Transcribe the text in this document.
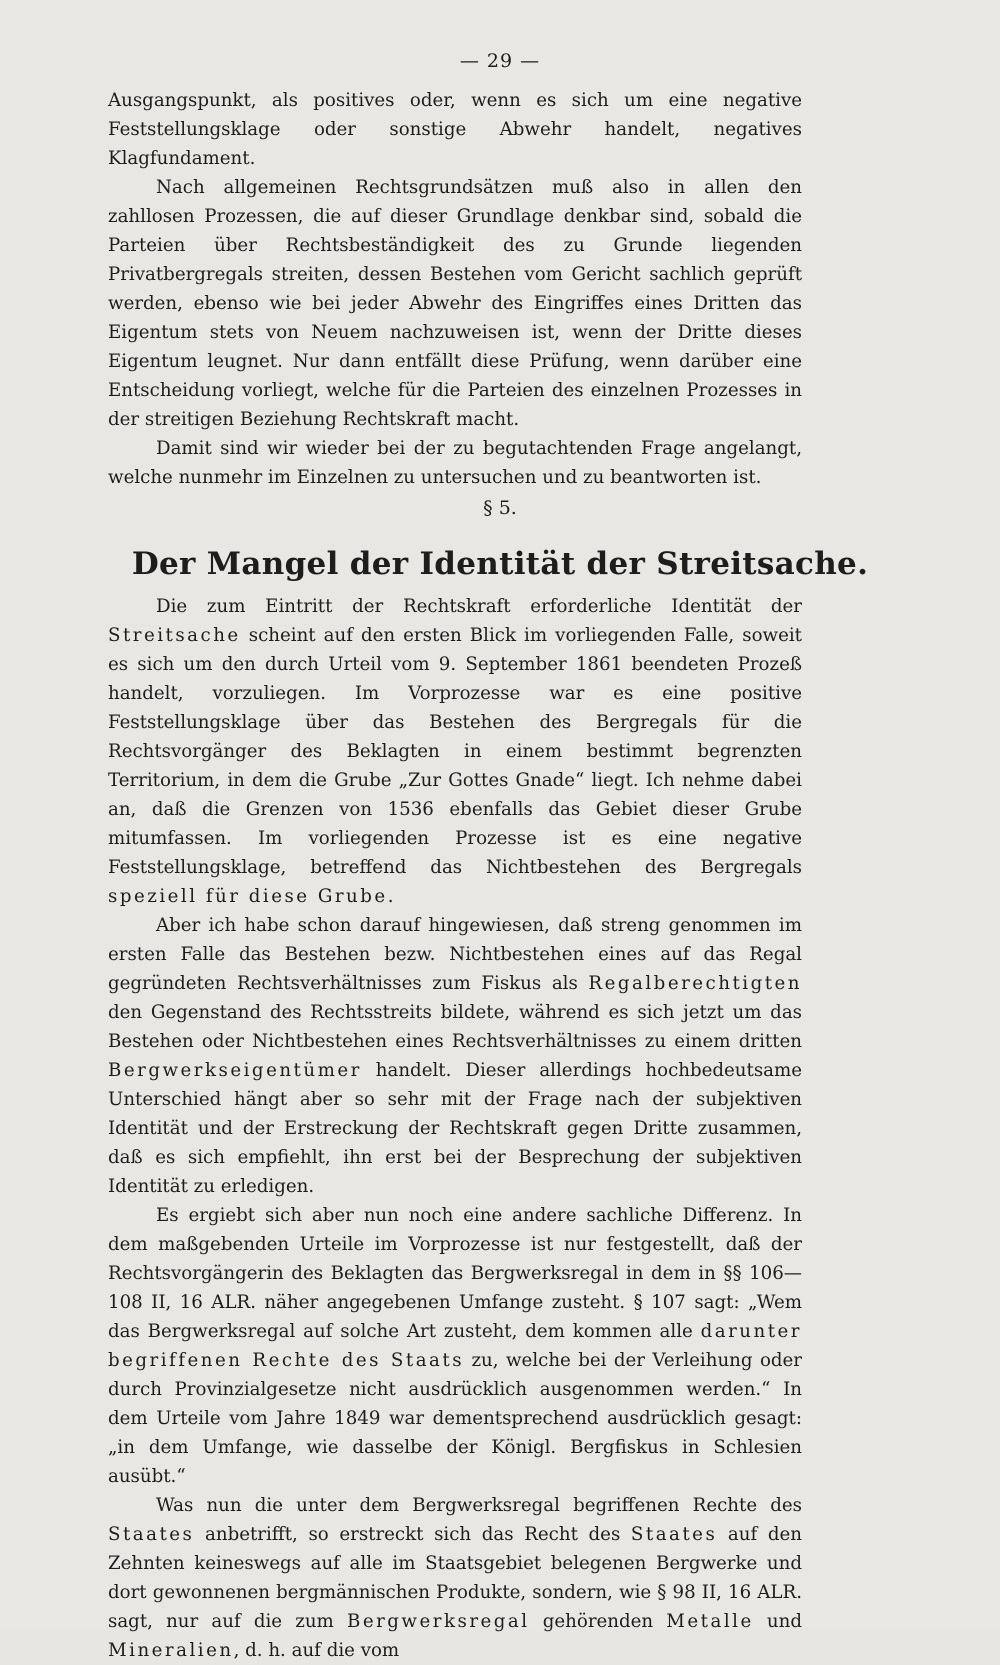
— 29 —

Ausgangspunkt, als positives oder, wenn es sich um eine negative Feststellungsklage oder sonstige Abwehr handelt, negatives Klagfundament.

Nach allgemeinen Rechtsgrundsätzen muß also in allen den zahllosen Prozessen, die auf dieser Grundlage denkbar sind, sobald die Parteien über Rechtsbeständigkeit des zu Grunde liegenden Privatbergregals streiten, dessen Bestehen vom Gericht sachlich geprüft werden, ebenso wie bei jeder Abwehr des Eingriffes eines Dritten das Eigentum stets von Neuem nachzuweisen ist, wenn der Dritte dieses Eigentum leugnet. Nur dann entfällt diese Prüfung, wenn darüber eine Entscheidung vorliegt, welche für die Parteien des einzelnen Prozesses in der streitigen Beziehung Rechtskraft macht.

Damit sind wir wieder bei der zu begutachtenden Frage angelangt, welche nunmehr im Einzelnen zu untersuchen und zu beantworten ist.

§ 5.
Der Mangel der Identität der Streitsache.

Die zum Eintritt der Rechtskraft erforderliche Identität der Streitsache scheint auf den ersten Blick im vorliegenden Falle, soweit es sich um den durch Urteil vom 9. September 1861 beendeten Prozeß handelt, vorzuliegen. Im Vorprozesse war es eine positive Feststellungsklage über das Bestehen des Bergregals für die Rechtsvorgänger des Beklagten in einem bestimmt begrenzten Territorium, in dem die Grube „Zur Gottes Gnade“ liegt. Ich nehme dabei an, daß die Grenzen von 1536 ebenfalls das Gebiet dieser Grube mitumfassen. Im vorliegenden Prozesse ist es eine negative Feststellungsklage, betreffend das Nichtbestehen des Bergregals speziell für diese Grube.

Aber ich habe schon darauf hingewiesen, daß streng genommen im ersten Falle das Bestehen bezw. Nichtbestehen eines auf das Regal gegründeten Rechtsverhältnisses zum Fiskus als Regalberechtigten den Gegenstand des Rechtsstreits bildete, während es sich jetzt um das Bestehen oder Nichtbestehen eines Rechtsverhältnisses zu einem dritten Bergwerkseigentümer handelt. Dieser allerdings hochbedeutsame Unterschied hängt aber so sehr mit der Frage nach der subjektiven Identität und der Erstreckung der Rechtskraft gegen Dritte zusammen, daß es sich empfiehlt, ihn erst bei der Besprechung der subjektiven Identität zu erledigen.

Es ergiebt sich aber nun noch eine andere sachliche Differenz. In dem maßgebenden Urteile im Vorprozesse ist nur festgestellt, daß der Rechtsvorgängerin des Beklagten das Bergwerksregal in dem in §§ 106—108 II, 16 ALR. näher angegebenen Umfange zusteht. § 107 sagt: „Wem das Bergwerksregal auf solche Art zusteht, dem kommen alle darunter begriffenen Rechte des Staats zu, welche bei der Verleihung oder durch Provinzialgesetze nicht ausdrücklich ausgenommen werden.“ In dem Urteile vom Jahre 1849 war dementsprechend ausdrücklich gesagt: „in dem Umfange, wie dasselbe der Königl. Bergfiskus in Schlesien ausübt.“

Was nun die unter dem Bergwerksregal begriffenen Rechte des Staates anbetrifft, so erstreckt sich das Recht des Staates auf den Zehnten keineswegs auf alle im Staatsgebiet belegenen Bergwerke und dort gewonnenen bergmännischen Produkte, sondern, wie § 98 II, 16 ALR. sagt, nur auf die zum Bergwerksregal gehörenden Metalle und Mineralien, d. h. auf die vom
